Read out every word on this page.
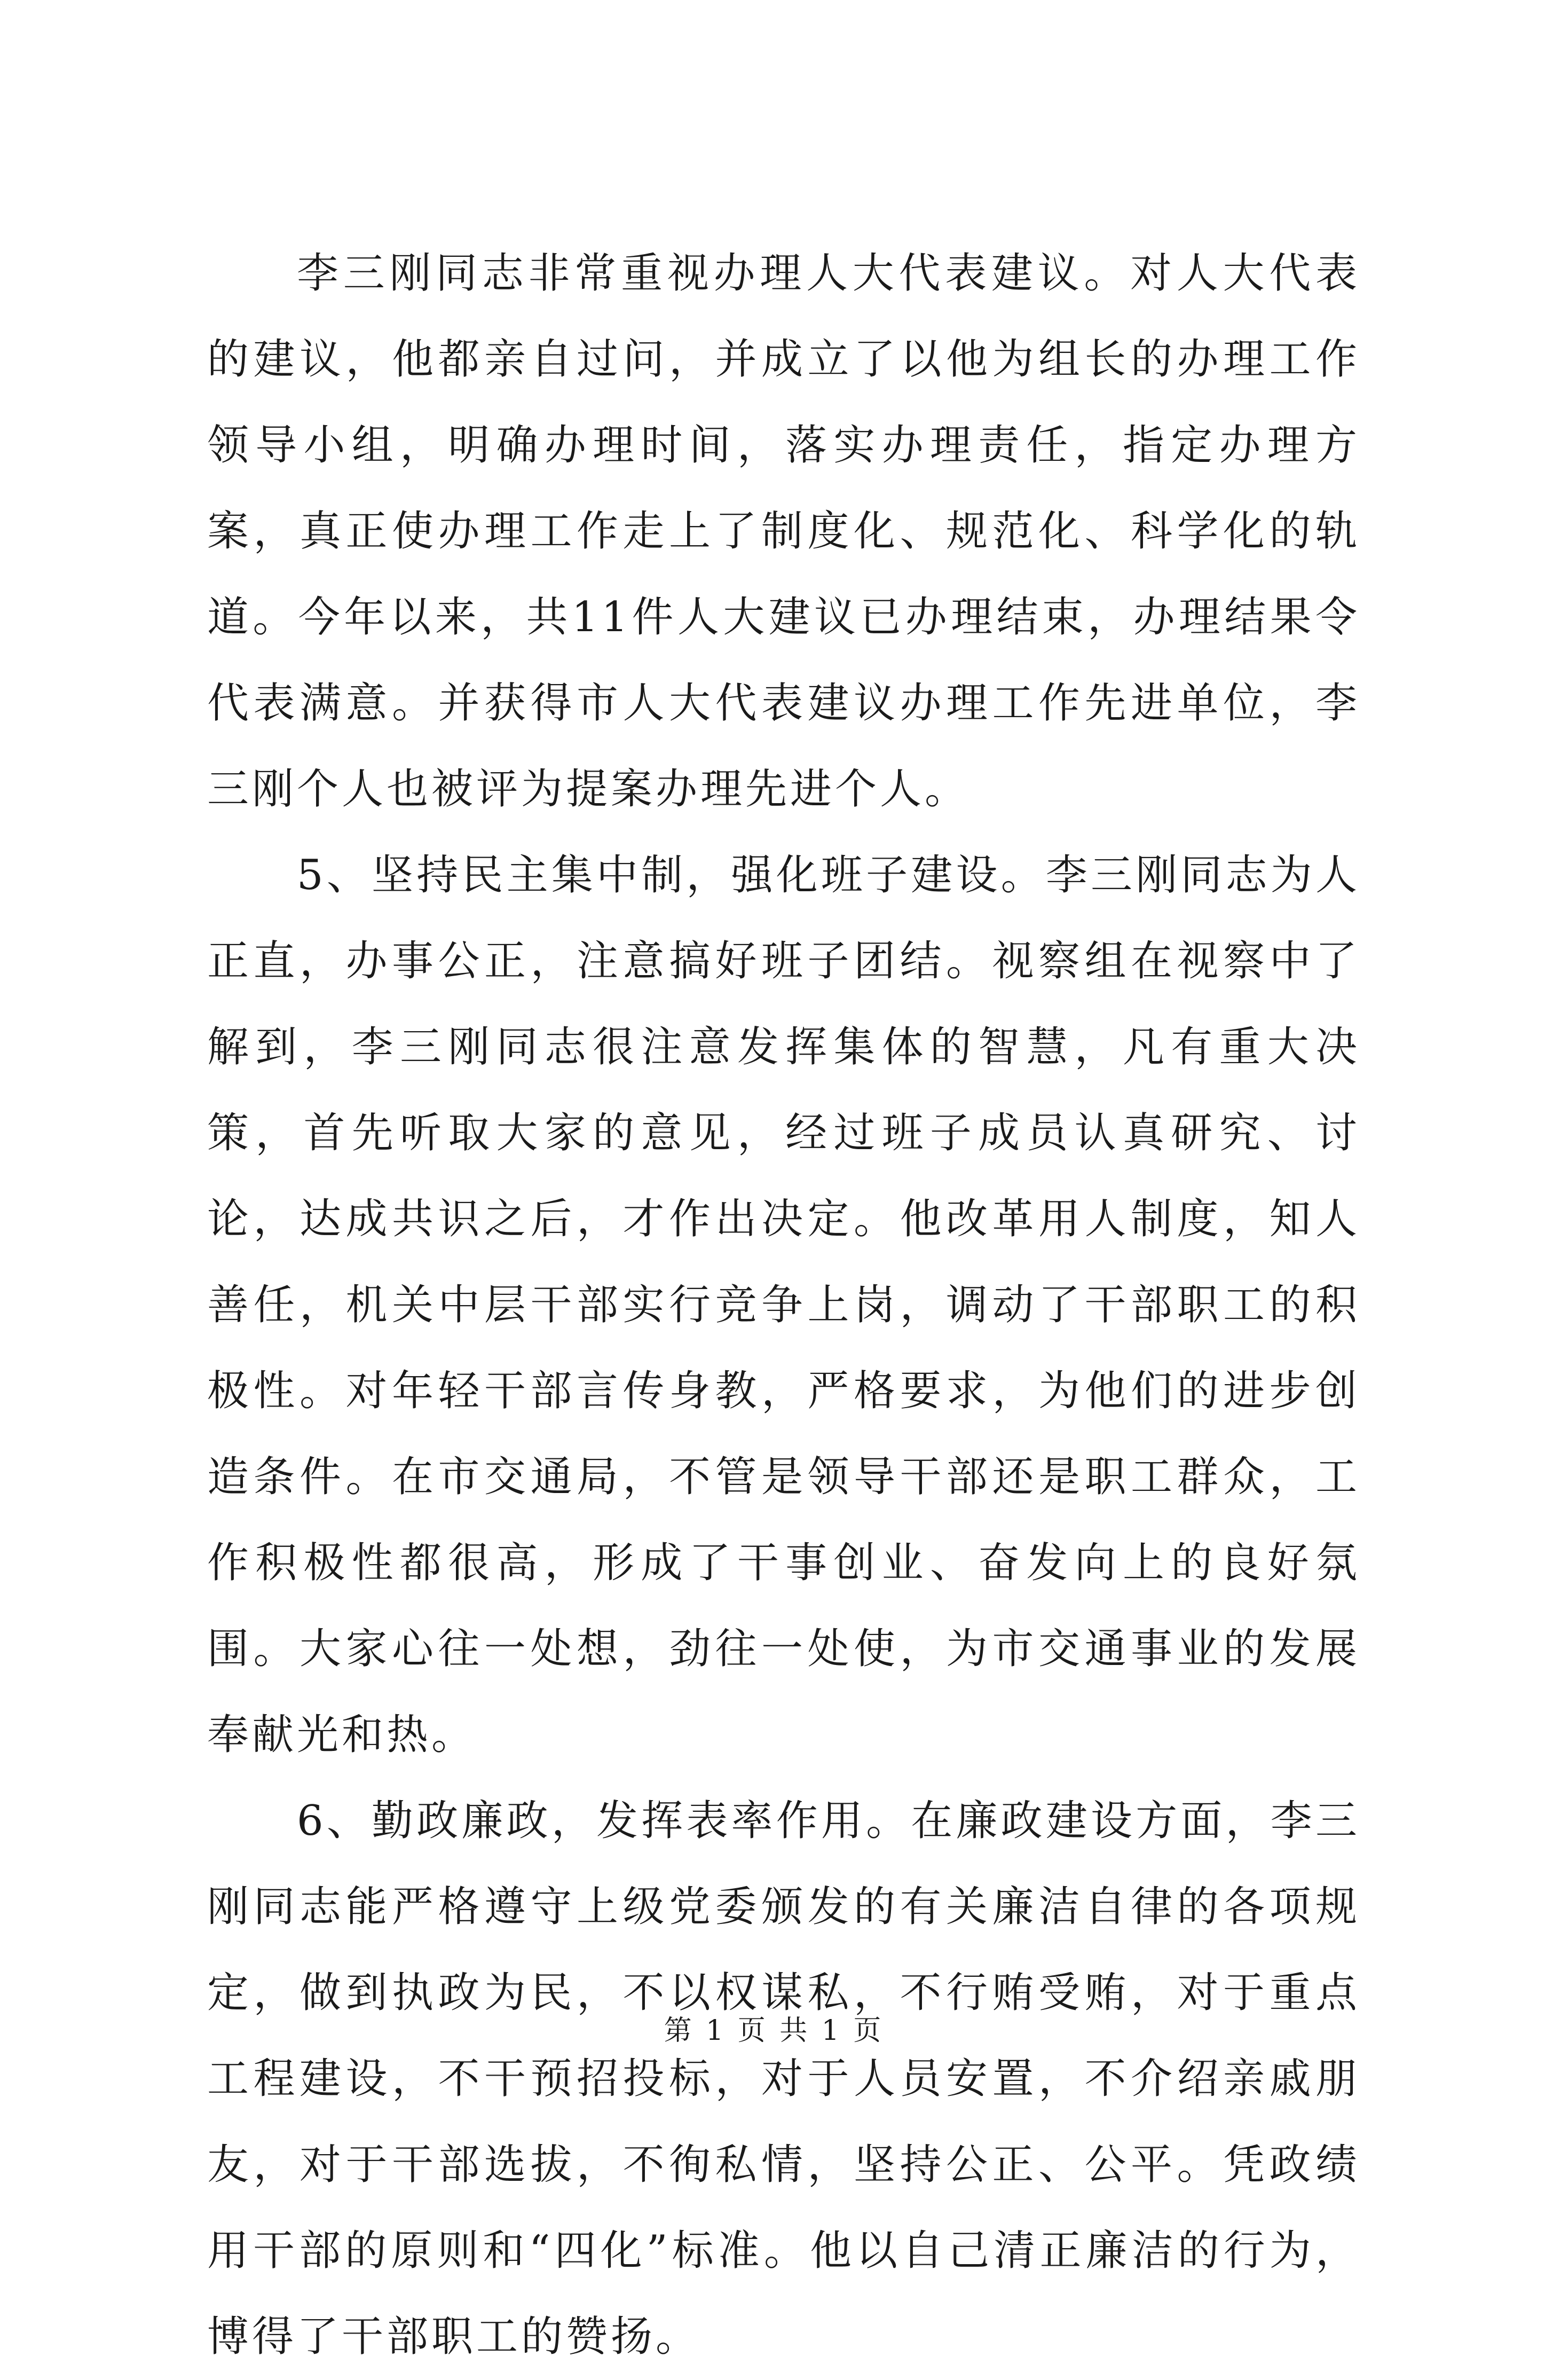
李三刚同志非常重视办理人大代表建议。对人大代表的建议，他都亲自过问，并成立了以他为组长的办理工作领导小组，明确办理时间，落实办理责任，指定办理方案，真正使办理工作走上了制度化、规范化、科学化的轨道。今年以来，共11件人大建议已办理结束，办理结果令代表满意。并获得市人大代表建议办理工作先进单位，李三刚个人也被评为提案办理先进个人。

5、坚持民主集中制，强化班子建设。李三刚同志为人正直，办事公正，注意搞好班子团结。视察组在视察中了解到，李三刚同志很注意发挥集体的智慧，凡有重大决策，首先听取大家的意见，经过班子成员认真研究、讨论，达成共识之后，才作出决定。他改革用人制度，知人善任，机关中层干部实行竞争上岗，调动了干部职工的积极性。对年轻干部言传身教，严格要求，为他们的进步创造条件。在市交通局，不管是领导干部还是职工群众，工作积极性都很高，形成了干事创业、奋发向上的良好氛围。大家心往一处想，劲往一处使，为市交通事业的发展奉献光和热。

6、勤政廉政，发挥表率作用。在廉政建设方面，李三刚同志能严格遵守上级党委颁发的有关廉洁自律的各项规定，做到执政为民，不以权谋私，不行贿受贿，对于重点工程建设，不干预招投标，对于人员安置，不介绍亲戚朋友，对于干部选拔，不徇私情，坚持公正、公平。凭政绩用干部的原则和“四化”标准。他以自己清正廉洁的行为，博得了干部职工的赞扬。

第 1 页 共 1 页
